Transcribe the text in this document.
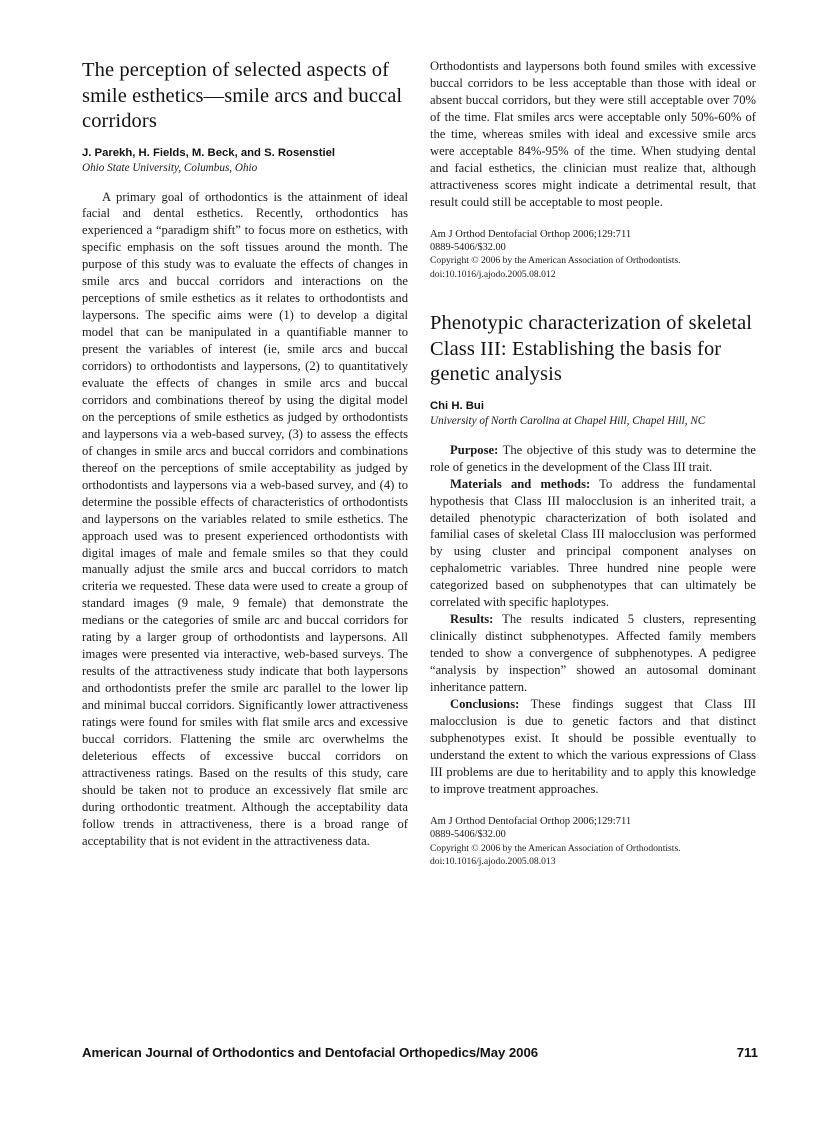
The perception of selected aspects of smile esthetics—smile arcs and buccal corridors
J. Parekh, H. Fields, M. Beck, and S. Rosenstiel
Ohio State University, Columbus, Ohio

A primary goal of orthodontics is the attainment of ideal facial and dental esthetics. Recently, orthodontics has experienced a “paradigm shift” to focus more on esthetics, with specific emphasis on the soft tissues around the month. The purpose of this study was to evaluate the effects of changes in smile arcs and buccal corridors and interactions on the perceptions of smile esthetics as it relates to orthodontists and laypersons. The specific aims were (1) to develop a digital model that can be manipulated in a quantifiable manner to present the variables of interest (ie, smile arcs and buccal corridors) to orthodontists and laypersons, (2) to quantitatively evaluate the effects of changes in smile arcs and buccal corridors and combinations thereof by using the digital model on the perceptions of smile esthetics as judged by orthodontists and laypersons via a web-based survey, (3) to assess the effects of changes in smile arcs and buccal corridors and combinations thereof on the perceptions of smile acceptability as judged by orthodontists and laypersons via a web-based survey, and (4) to determine the possible effects of characteristics of orthodontists and laypersons on the variables related to smile esthetics. The approach used was to present experienced orthodontists with digital images of male and female smiles so that they could manually adjust the smile arcs and buccal corridors to match criteria we requested. These data were used to create a group of standard images (9 male, 9 female) that demonstrate the medians or the categories of smile arc and buccal corridors for rating by a larger group of orthodontists and laypersons. All images were presented via interactive, web-based surveys. The results of the attractiveness study indicate that both laypersons and orthodontists prefer the smile arc parallel to the lower lip and minimal buccal corridors. Significantly lower attractiveness ratings were found for smiles with flat smile arcs and excessive buccal corridors. Flattening the smile arc overwhelms the deleterious effects of excessive buccal corridors on attractiveness ratings. Based on the results of this study, care should be taken not to produce an excessively flat smile arc during orthodontic treatment. Although the acceptability data follow trends in attractiveness, there is a broad range of acceptability that is not evident in the attractiveness data.

Orthodontists and laypersons both found smiles with excessive buccal corridors to be less acceptable than those with ideal or absent buccal corridors, but they were still acceptable over 70% of the time. Flat smiles arcs were acceptable only 50%-60% of the time, whereas smiles with ideal and excessive smile arcs were acceptable 84%-95% of the time. When studying dental and facial esthetics, the clinician must realize that, although attractiveness scores might indicate a detrimental result, that result could still be acceptable to most people.

Am J Orthod Dentofacial Orthop 2006;129:711
0889-5406/$32.00
Copyright © 2006 by the American Association of Orthodontists.
doi:10.1016/j.ajodo.2005.08.012
Phenotypic characterization of skeletal Class III: Establishing the basis for genetic analysis
Chi H. Bui
University of North Carolina at Chapel Hill, Chapel Hill, NC

Purpose: The objective of this study was to determine the role of genetics in the development of the Class III trait.

Materials and methods: To address the fundamental hypothesis that Class III malocclusion is an inherited trait, a detailed phenotypic characterization of both isolated and familial cases of skeletal Class III malocclusion was performed by using cluster and principal component analyses on cephalometric variables. Three hundred nine people were categorized based on subphenotypes that can ultimately be correlated with specific haplotypes.

Results: The results indicated 5 clusters, representing clinically distinct subphenotypes. Affected family members tended to show a convergence of subphenotypes. A pedigree “analysis by inspection” showed an autosomal dominant inheritance pattern.

Conclusions: These findings suggest that Class III malocclusion is due to genetic factors and that distinct subphenotypes exist. It should be possible eventually to understand the extent to which the various expressions of Class III problems are due to heritability and to apply this knowledge to improve treatment approaches.

Am J Orthod Dentofacial Orthop 2006;129:711
0889-5406/$32.00
Copyright © 2006 by the American Association of Orthodontists.
doi:10.1016/j.ajodo.2005.08.013
American Journal of Orthodontics and Dentofacial Orthopedics/May 2006	711
